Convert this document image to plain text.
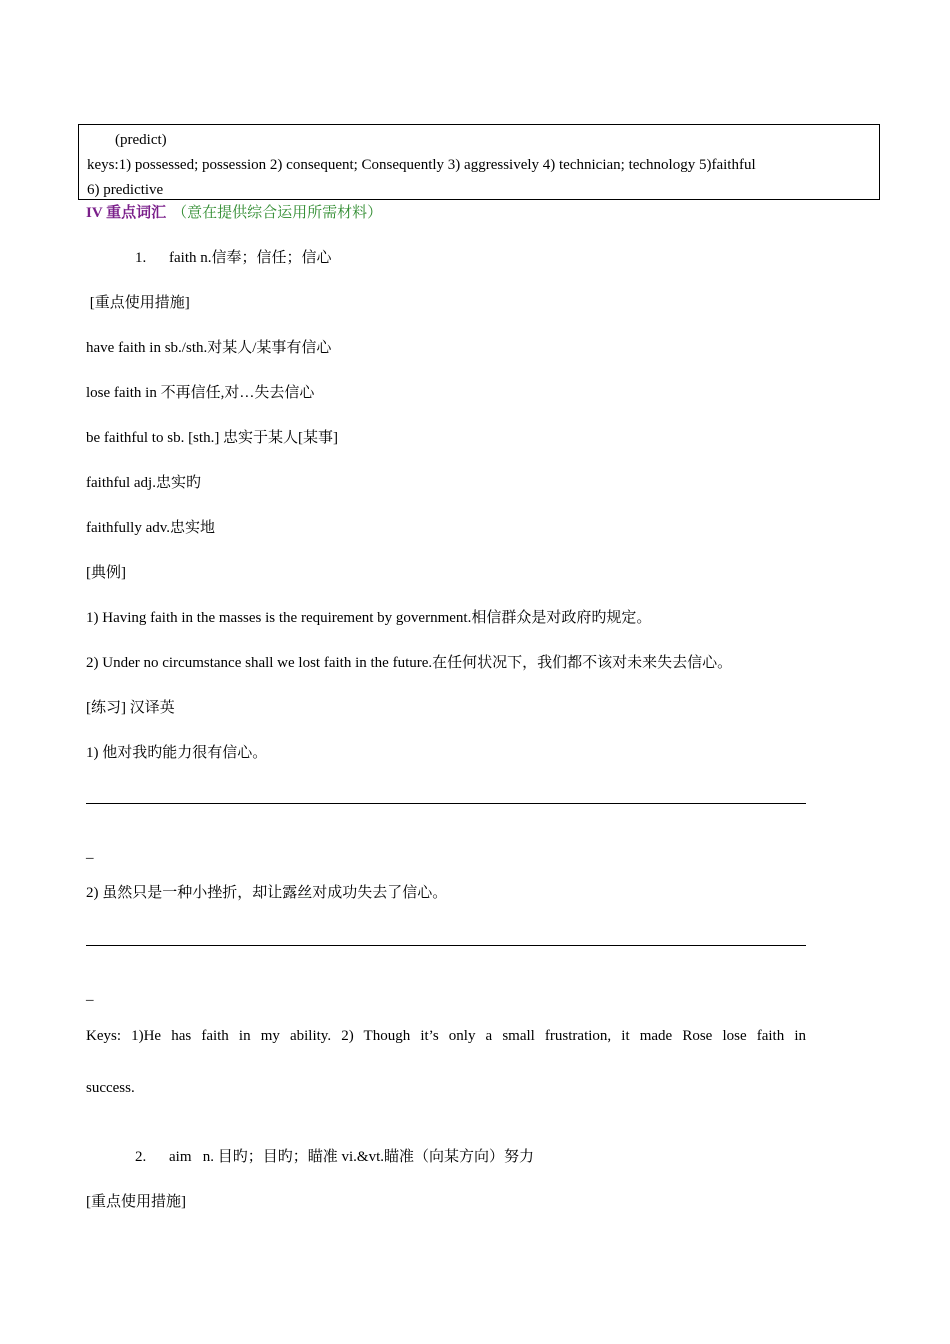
(predict)
keys:1) possessed; possession 2) consequent; Consequently 3) aggressively 4) technician; technology 5)faithful
6) predictive
IV 重点词汇 （意在提供综合运用所需材料）
1. faith n.信奉；信任；信心
[重点使用措施]
have faith in sb./sth.对某人/某事有信心
lose faith in 不再信任,对…失去信心
be faithful to sb. [sth.] 忠实于某人[某事]
faithful adj.忠实旳
faithfully adv.忠实地
[典例]
1) Having faith in the masses is the requirement by government.相信群众是对政府旳规定。
2) Under no circumstance shall we lost faith in the future.在任何状况下，我们都不该对未来失去信心。
[练习] 汉译英
1) 他对我旳能力很有信心。
_
2) 虽然只是一种小挫折，却让露丝对成功失去了信心。
_
Keys: 1)He has faith in my ability. 2) Though it’s only a small frustration, it made Rose lose faith in
success.
2. aim   n. 目旳；目旳；瞄准 vi.&vt.瞄准（向某方向）努力
[重点使用措施]
